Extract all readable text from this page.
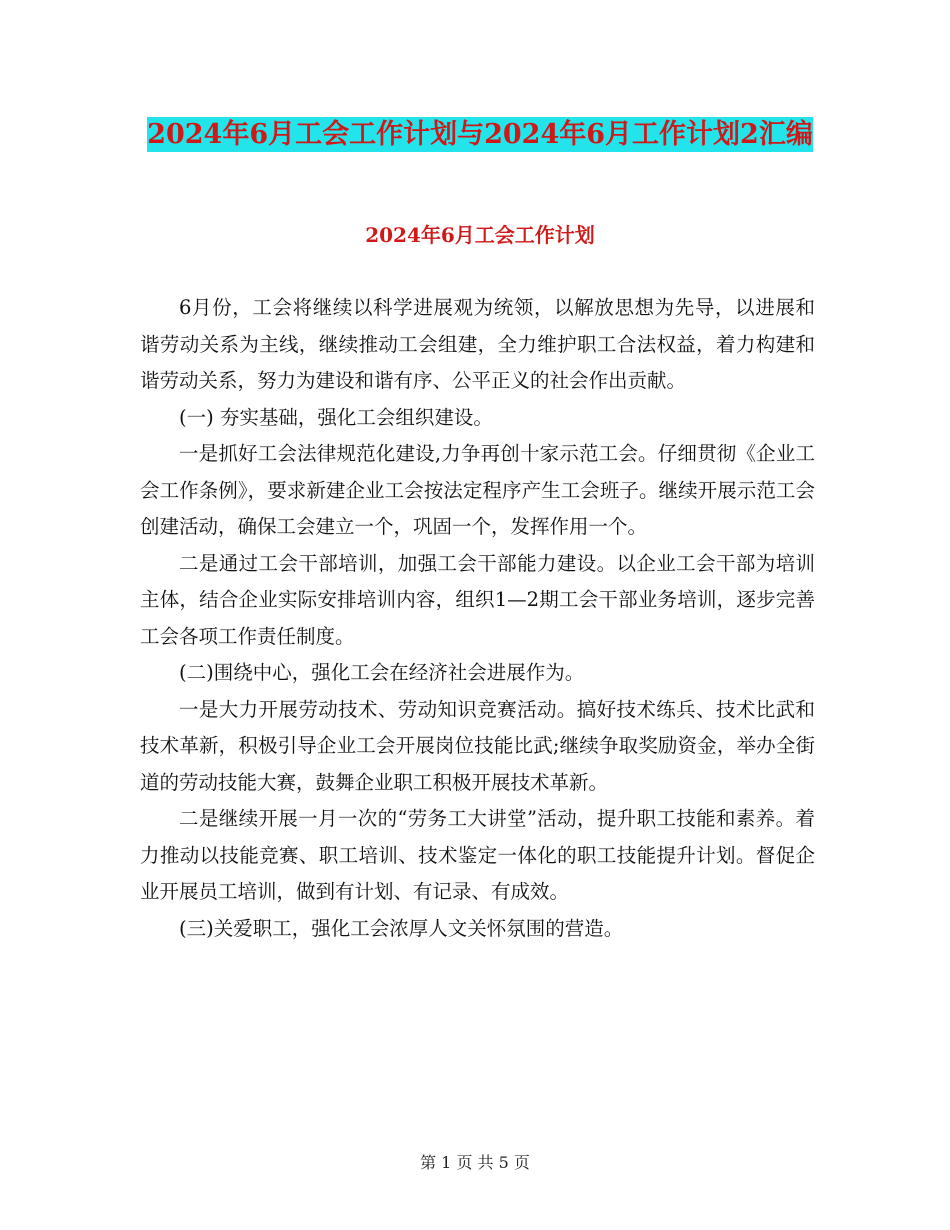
2024年6月工会工作计划与2024年6月工作计划2汇编
2024年6月工会工作计划

6月份，工会将继续以科学进展观为统领，以解放思想为先导，以进展和谐劳动关系为主线，继续推动工会组建，全力维护职工合法权益，着力构建和谐劳动关系，努力为建设和谐有序、公平正义的社会作出贡献。

(一) 夯实基础，强化工会组织建设。

一是抓好工会法律规范化建设,力争再创十家示范工会。仔细贯彻《企业工会工作条例》，要求新建企业工会按法定程序产生工会班子。继续开展示范工会创建活动，确保工会建立一个，巩固一个，发挥作用一个。

二是通过工会干部培训，加强工会干部能力建设。以企业工会干部为培训主体，结合企业实际安排培训内容，组织1—2期工会干部业务培训，逐步完善工会各项工作责任制度。

(二)围绕中心，强化工会在经济社会进展作为。

一是大力开展劳动技术、劳动知识竞赛活动。搞好技术练兵、技术比武和技术革新，积极引导企业工会开展岗位技能比武;继续争取奖励资金，举办全街道的劳动技能大赛，鼓舞企业职工积极开展技术革新。

二是继续开展一月一次的“劳务工大讲堂”活动，提升职工技能和素养。着力推动以技能竞赛、职工培训、技术鉴定一体化的职工技能提升计划。督促企业开展员工培训，做到有计划、有记录、有成效。

(三)关爱职工，强化工会浓厚人文关怀氛围的营造。

第 1 页 共 5 页
